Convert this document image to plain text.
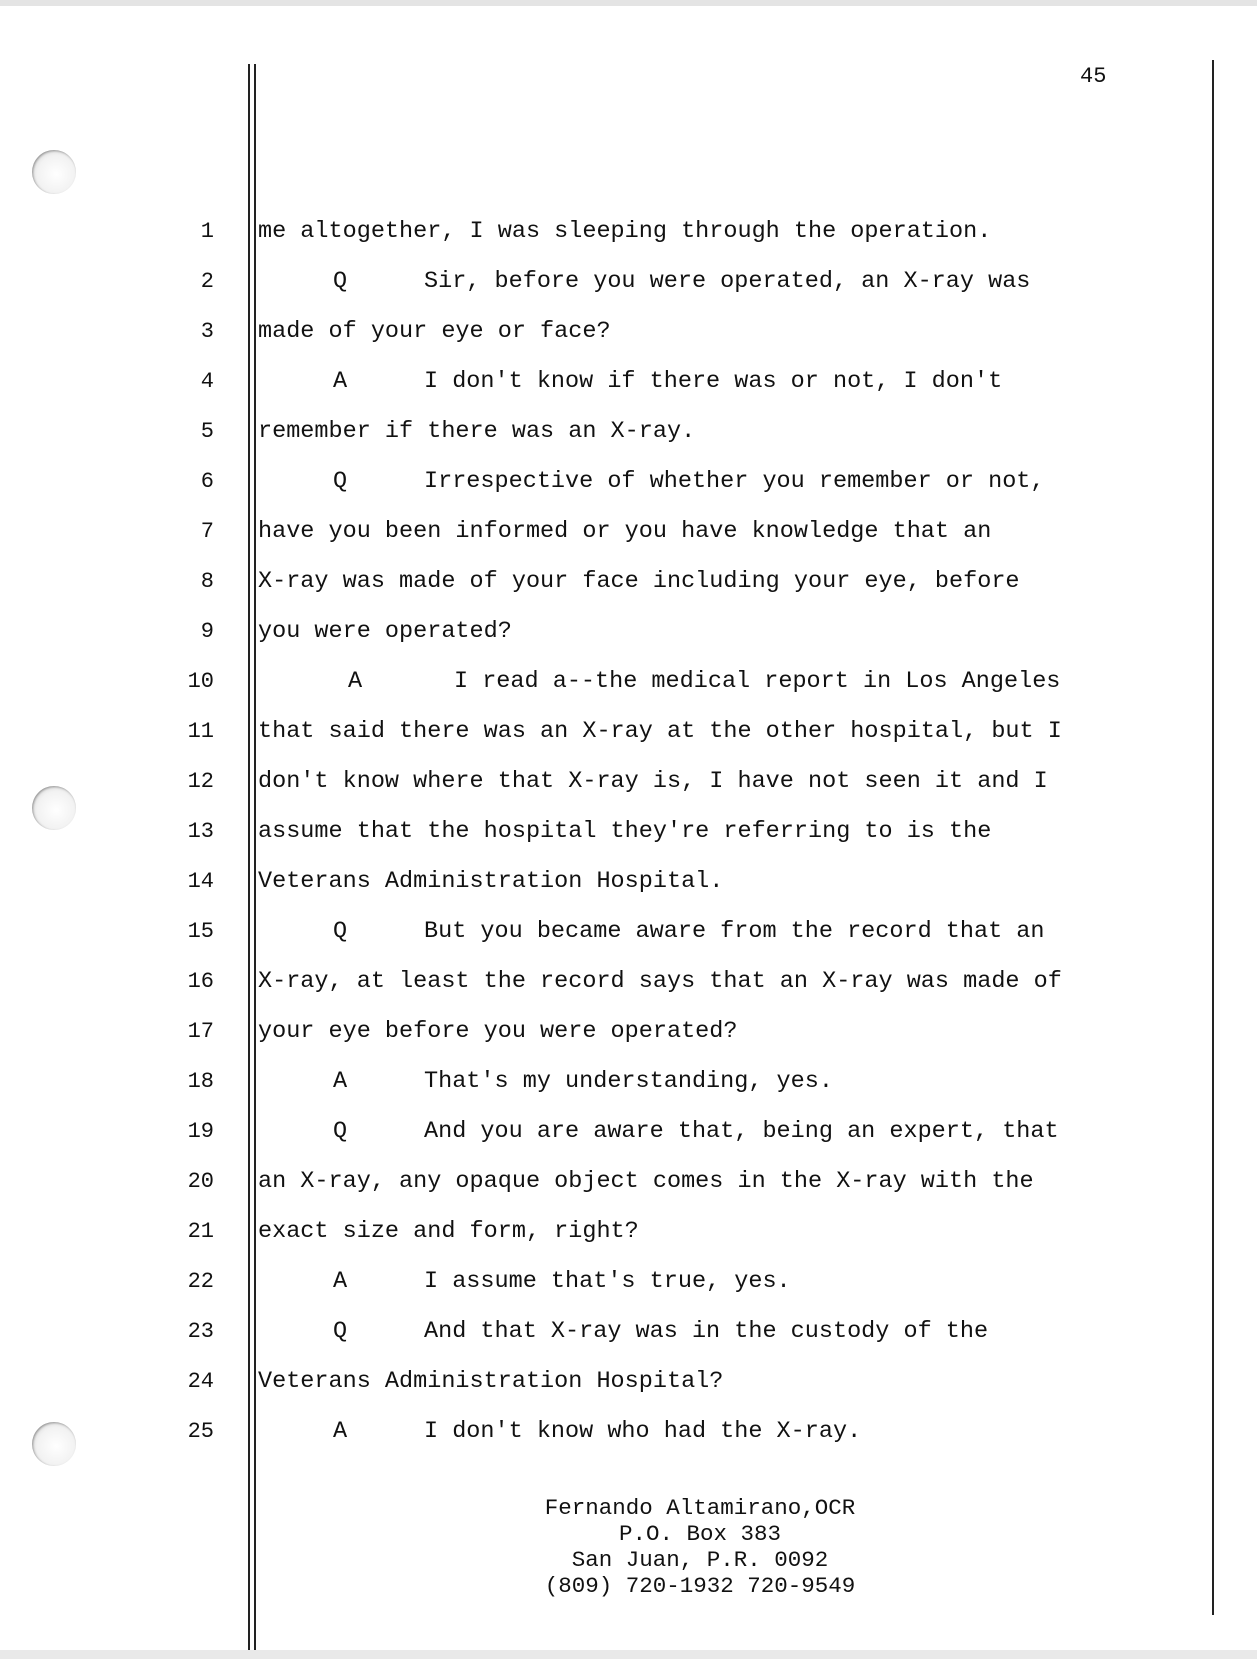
45
1
2
3
4
5
6
7
8
9
10
11
12
13
14
15
16
17
18
19
20
21
22
23
24
25
me altogether, I was sleeping through the operation.
Q	Sir, before you were operated, an X-ray was
made of your eye or face?
A	I don't know if there was or not, I don't
remember if there was an X-ray.
Q	Irrespective of whether you remember or not,
have you been informed or you have knowledge that an
X-ray was made of your face including your eye, before
you were operated?
A	I read a--the medical report in Los Angeles
that said there was an X-ray at the other hospital, but I
don't know where that X-ray is, I have not seen it and I
assume that the hospital they're referring to is the
Veterans Administration Hospital.
Q	But you became aware from the record that an
X-ray, at least the record says that an X-ray was made of
your eye before you were operated?
A	That's my understanding, yes.
Q	And you are aware that, being an expert, that
an X-ray, any opaque object comes in the X-ray with the
exact size and form, right?
A	I assume that's true, yes.
Q	And that X-ray was in the custody of the
Veterans Administration Hospital?
A	I don't know who had the X-ray.
Fernando Altamirano,OCR
P.O. Box 383
San Juan, P.R. 0092
(809) 720-1932 720-9549
